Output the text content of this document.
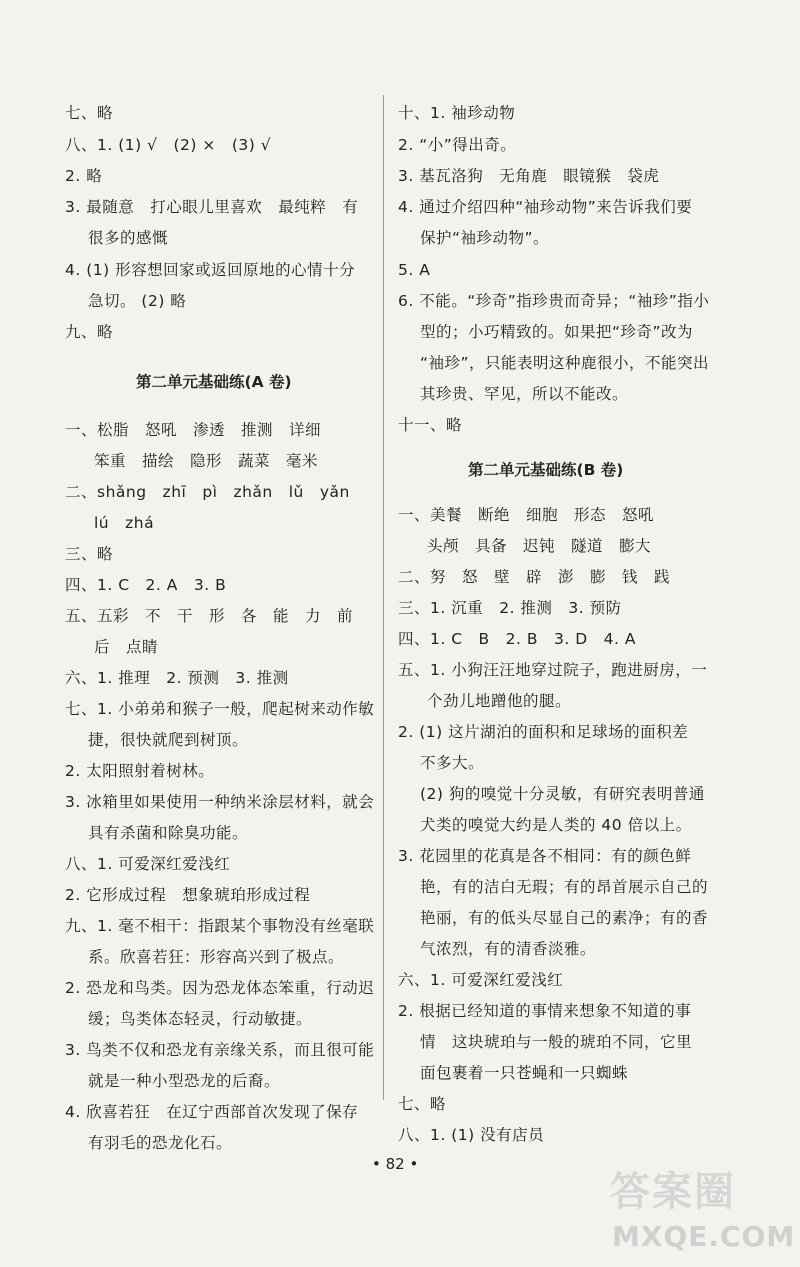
七、略
八、1. (1) √　(2) ×　(3) √
2. 略
3. 最随意　打心眼儿里喜欢　最纯粹　有
很多的感慨
4. (1) 形容想回家或返回原地的心情十分
急切。 (2) 略
九、略
第二单元基础练(A 卷)
一、松脂　怒吼　渗透　推测　详细
笨重　描绘　隐形　蔬菜　毫米
二、shǎng　zhī　pì　zhǎn　lǔ　yǎn
lú　zhá
三、略
四、1. C　2. A　3. B
五、五彩　不　干　形　各　能　力　前
后　点睛
六、1. 推理　2. 预测　3. 推测
七、1. 小弟弟和猴子一般，爬起树来动作敏
捷，很快就爬到树顶。
2. 太阳照射着树林。
3. 冰箱里如果使用一种纳米涂层材料，就会
具有杀菌和除臭功能。
八、1. 可爱深红爱浅红
2. 它形成过程　想象琥珀形成过程
九、1. 毫不相干：指跟某个事物没有丝毫联
系。欣喜若狂：形容高兴到了极点。
2. 恐龙和鸟类。因为恐龙体态笨重，行动迟
缓；鸟类体态轻灵，行动敏捷。
3. 鸟类不仅和恐龙有亲缘关系，而且很可能
就是一种小型恐龙的后裔。
4. 欣喜若狂　在辽宁西部首次发现了保存
有羽毛的恐龙化石。
十、1. 袖珍动物
2. “小”得出奇。
3. 基瓦洛狗　无角鹿　眼镜猴　袋虎
4. 通过介绍四种“袖珍动物”来告诉我们要
保护“袖珍动物”。
5. A
6. 不能。“珍奇”指珍贵而奇异；“袖珍”指小
型的；小巧精致的。如果把“珍奇”改为
“袖珍”，只能表明这种鹿很小，不能突出
其珍贵、罕见，所以不能改。
十一、略
第二单元基础练(B 卷)
一、美餐　断绝　细胞　形态　怒吼
头颅　具备　迟钝　隧道　膨大
二、努　怒　壁　辟　澎　膨　钱　践
三、1. 沉重　2. 推测　3. 预防
四、1. C　B　2. B　3. D　4. A
五、1. 小狗汪汪地穿过院子，跑进厨房，一
个劲儿地蹭他的腿。
2. (1) 这片湖泊的面积和足球场的面积差
不多大。
(2) 狗的嗅觉十分灵敏，有研究表明普通
犬类的嗅觉大约是人类的 40 倍以上。
3. 花园里的花真是各不相同：有的颜色鲜
艳，有的洁白无瑕；有的昂首展示自己的
艳丽，有的低头尽显自己的素净；有的香
气浓烈，有的清香淡雅。
六、1. 可爱深红爱浅红
2. 根据已经知道的事情来想象不知道的事
情　这块琥珀与一般的琥珀不同，它里
面包裹着一只苍蝇和一只蜘蛛
七、略
八、1. (1) 没有店员
• 82 •
答案圈
MXQE.COM
